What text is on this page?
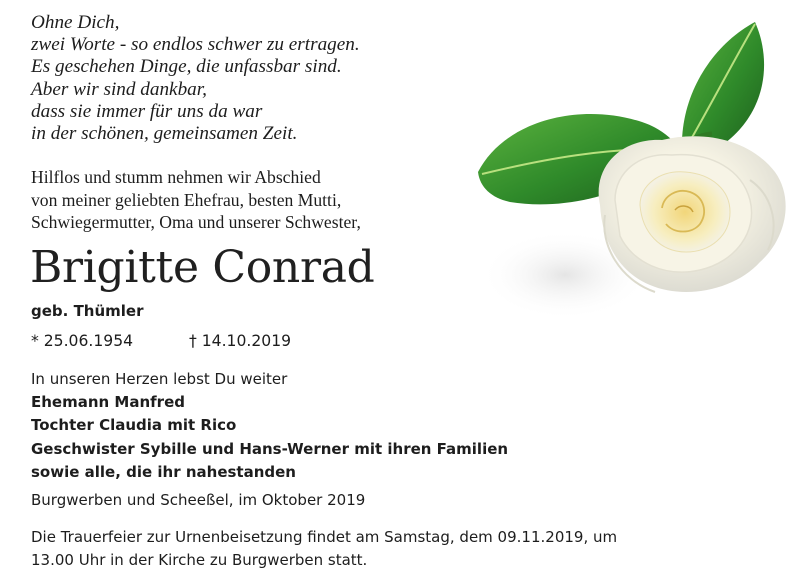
Ohne Dich,
zwei Worte - so endlos schwer zu ertragen.
Es geschehen Dinge, die unfassbar sind.
Aber wir sind dankbar,
dass sie immer für uns da war
in der schönen, gemeinsamen Zeit.
Hilflos und stumm nehmen wir Abschied
von meiner geliebten Ehefrau, besten Mutti,
Schwiegermutter, Oma und unserer Schwester,
Brigitte Conrad
geb. Thümler
* 25.06.1954	† 14.10.2019
In unseren Herzen lebst Du weiter
Ehemann Manfred
Tochter Claudia mit Rico
Geschwister Sybille und Hans-Werner mit ihren Familien
sowie alle, die ihr nahestanden
Burgwerben und Scheeßel, im Oktober 2019
Die Trauerfeier zur Urnenbeisetzung findet am Samstag, dem 09.11.2019, um
13.00 Uhr in der Kirche zu Burgwerben statt.
